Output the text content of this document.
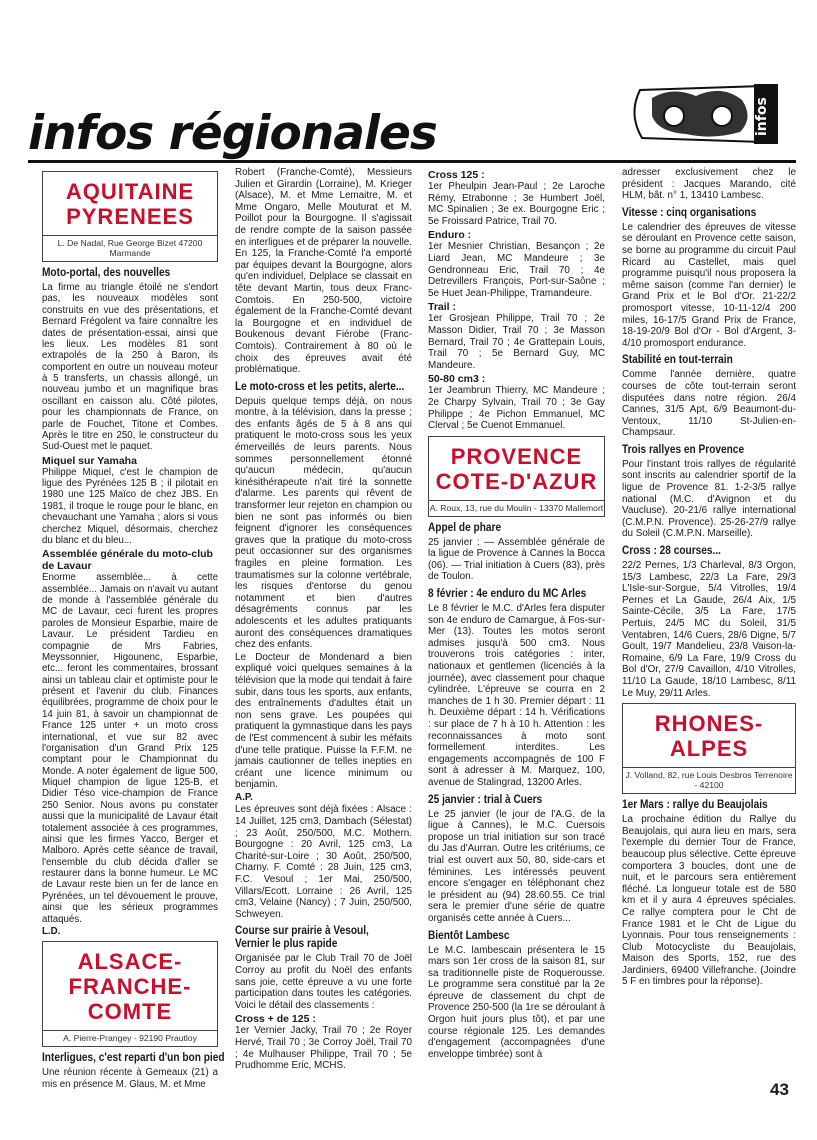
infos
infos régionales
AQUITAINE
PYRENEES
L. De Nadal, Rue George Bizet 47200 Marmande
Moto-portal, des nouvelles

La firme au triangle étoilé ne s'endort pas, les nouveaux modèles sont construits en vue des présentations, et Bernard Frégolent va faire connaître les dates de présentation-essai, ainsi que les lieux. Les modèles 81 sont extrapolés de la 250 à Baron, ils comportent en outre un nouveau moteur à 5 transferts, un chassis allongé, un nouveau jumbo et un magnifique bras oscillant en caisson alu. Côté pilotes, pour les championnats de France, on parle de Fouchet, Titone et Combes. Après le titre en 250, le constructeur du Sud-Ouest met le paquet.

Miquel sur Yamaha

Philippe Miquel, c'est le champion de ligue des Pyrénées 125 B ; il pilotait en 1980 une 125 Maïco de chez JBS. En 1981, il troque le rouge pour le blanc, en chevauchant une Yamaha ; alors si vous cherchez Miquel, désormais, cherchez du blanc et du bleu...

Assemblée générale du moto-club de Lavaur

Enorme assemblée... à cette assemblée... Jamais on n'avait vu autant de monde à l'assemblée générale du MC de Lavaur, ceci furent les propres paroles de Monsieur Esparbie, maire de Lavaur. Le président Tardieu en compagnie de Mrs Fabries, Meyssonnier, Higounenc, Esparbie, etc... feront les commentaires, brossant ainsi un tableau clair et optimiste pour le présent et l'avenir du club. Finances équilibrées, programme de choix pour le 14 juin 81, à savoir un championnat de France 125 unter + un moto cross international, et vue sur 82 avec l'organisation d'un Grand Prix 125 comptant pour le Championnat du Monde. A noter également de ligue 500, Miquel champion de ligue 125-B, et Didier Téso vice-champion de France 250 Senior. Nous avons pu constater aussi que la municipalité de Lavaur était totalement associée à ces programmes, ainsi que les firmes Yacco, Berger et Malboro. Après cette séance de travail, l'ensemble du club décida d'aller se restaurer dans la bonne humeur. Le MC de Lavaur reste bien un fer de lance en Pyrénées, un tel dévouement le prouve, ainsi que les sérieux programmes attaqués.

L.D.

ALSACE-
FRANCHE-
COMTE
A. Pierre-Prangey - 92190 Prautloy
Interligues, c'est reparti d'un bon pied

Une réunion récente à Gemeaux (21) a mis en présence M. Glaus, M. et Mme

Robert (Franche-Comté), Messieurs Julien et Girardin (Lorraine), M. Krieger (Alsace), M. et Mme Lemaitre, M. et Mme Ongaro, Melle Mouturat et M. Poillot pour la Bourgogne. Il s'agissait de rendre compte de la saison passée en interligues et de préparer la nouvelle. En 125, la Franche-Comté l'a emporté par équipes devant la Bourgogne, alors qu'en individuel, Delplace se classait en tête devant Martin, tous deux Franc-Comtois. En 250-500, victoire également de la Franche-Comté devant la Bourgogne et en individuel de Boukenous devant Fiérobe (Franc-Comtois). Contrairement à 80 où le choix des épreuves avait été problématique.

Le moto-cross et les petits, alerte...

Depuis quelque temps déjà, on nous montre, à la télévision, dans la presse ; des enfants âgés de 5 à 8 ans qui pratiquent le moto-cross sous les yeux émerveillés de leurs parents. Nous sommes personnellement étonné qu'aucun médecin, qu'aucun kinésithérapeute n'ait tiré la sonnette d'alarme. Les parents qui rêvent de transformer leur rejeton en champion ou bien ne sont pas informés ou bien feignent d'ignorer les conséquences graves que la pratique du moto-cross peut occasionner sur des organismes fragiles en pleine formation. Les traumatismes sur la colonne vertébrale, les risques d'entorse du genou notamment et bien d'autres désagréments connus par les adolescents et les adultes pratiquants auront des conséquences dramatiques chez des enfants.

Le Docteur de Mondenard a bien expliqué voici quelques semaines à la télévision que la mode qui tendait à faire subir, dans tous les sports, aux enfants, des entraînements d'adultes était un non sens grave. Les poupées qui pratiquent la gymnastique dans les pays de l'Est commencent à subir les méfaits d'une telle pratique. Puisse la F.F.M. ne jamais cautionner de telles inepties en créant une licence minimum ou benjamin.

A.P.

Les épreuves sont déjà fixées : Alsace : 14 Juillet, 125 cm3, Dambach (Sélestat) ; 23 Août, 250/500, M.C. Mothern. Bourgogne : 20 Avril, 125 cm3, La Charité-sur-Loire ; 30 Août, 250/500, Charny. F. Comté : 28 Juin, 125 cm3, F.C. Vesoul ; 1er Mai, 250/500, Villars/Ecott. Lorraine : 26 Avril, 125 cm3, Velaine (Nancy) ; 7 Juin, 250/500, Schweyen.

Course sur prairie à Vesoul, Vernier le plus rapide

Organisée par le Club Trail 70 de Joël Corroy au profit du Noël des enfants sans joie, cette épreuve a vu une forte participation dans toutes les catégories. Voici le détail des classements :

Cross + de 125 :

1er Vernier Jacky, Trail 70 ; 2e Royer Hervé, Trail 70 ; 3e Corroy Joël, Trail 70 ; 4e Mulhauser Philippe, Trail 70 ; 5e Prudhomme Eric, MCHS.

Cross 125 :

1er Pheulpin Jean-Paul ; 2e Laroche Rémy, Etrabonne ; 3e Humbert Joël, MC Spinalien ; 3e ex. Bourgogne Eric ; 5e Froissard Patrice, Trail 70.

Enduro :

1er Mesnier Christian, Besançon ; 2e Liard Jean, MC Mandeure ; 3e Gendronneau Eric, Trail 70 ; 4e Detrevillers François, Port-sur-Saône ; 5e Huet Jean-Philippe, Tramandeure.

Trail :

1er Grosjean Philippe, Trail 70 ; 2e Masson Didier, Trail 70 ; 3e Masson Bernard, Trail 70 ; 4e Grattepain Louis, Trail 70 ; 5e Bernard Guy, MC Mandeure.

50-80 cm3 :

1er Jeambrun Thierry, MC Mandeure ; 2e Charpy Sylvain, Trail 70 ; 3e Gay Philippe ; 4e Pichon Emmanuel, MC Clerval ; 5e Cuenot Emmanuel.

PROVENCE
COTE-D'AZUR
A. Roux, 13, rue du Moulin - 13370 Mallemort
Appel de phare

25 janvier : — Assemblée générale de la ligue de Provence à Cannes la Bocca (06). — Trial initiation à Cuers (83), près de Toulon.

8 février : 4e enduro du MC Arles

Le 8 février le M.C. d'Arles fera disputer son 4e enduro de Camargue, à Fos-sur-Mer (13). Toutes les motos seront admises jusqu'à 500 cm3. Nous trouverons trois catégories : inter, nationaux et gentlemen (licenciés à la journée), avec classement pour chaque cylindrée. L'épreuve se courra en 2 manches de 1 h 30. Premier départ : 11 h. Deuxième départ : 14 h. Vérifications : sur place de 7 h à 10 h. Attention : les reconnaissances à moto sont formellement interdites. Les engagements accompagnés de 100 F sont à adresser à M. Marquez, 100, avenue de Stalingrad, 13200 Arles.

25 janvier : trial à Cuers

Le 25 janvier (le jour de l'A.G. de la ligue à Cannes), le M.C. Cuersois propose un trial initiation sur son tracé du Jas d'Aurran. Outre les critériums, ce trial est ouvert aux 50, 80, side-cars et féminines. Les intéressés peuvent encore s'engager en téléphonant chez le président au (94) 28.60.55. Ce trial sera le premier d'une série de quatre organisés cette année à Cuers...

Bientôt Lambesc

Le M.C. lambescain présentera le 15 mars son 1er cross de la saison 81, sur sa traditionnelle piste de Roquerousse. Le programme sera constitué par la 2e épreuve de classement du chpt de Provence 250-500 (la 1re se déroulant à Orgon huit jours plus tôt), et par une course régionale 125. Les demandes d'engagement (accompagnées d'une enveloppe timbrée) sont à

adresser exclusivement chez le président : Jacques Marando, cité HLM, bât. n° 1, 13410 Lambesc.

Vitesse : cinq organisations

Le calendrier des épreuves de vitesse se déroulant en Provence cette saison, se borne au programme du circuit Paul Ricard au Castellet, mais quel programme puisqu'il nous proposera la même saison (comme l'an dernier) le Grand Prix et le Bol d'Or. 21-22/2 promosport vitesse, 10-11-12/4 200 miles, 16-17/5 Grand Prix de France, 18-19-20/9 Bol d'Or - Bol d'Argent, 3-4/10 promosport endurance.

Stabilité en tout-terrain

Comme l'année dernière, quatre courses de côte tout-terrain seront disputées dans notre région. 26/4 Cannes, 31/5 Apt, 6/9 Beaumont-du-Ventoux, 11/10 St-Julien-en-Champsaur.

Trois rallyes en Provence

Pour l'instant trois rallyes de régularité sont inscrits au calendrier sportif de la ligue de Provence 81. 1-2-3/5 rallye national (M.C. d'Avignon et du Vaucluse). 20-21/6 rallye international (C.M.P.N. Provence). 25-26-27/9 rallye du Soleil (C.M.P.N. Marseille).

Cross : 28 courses...

22/2 Pernes, 1/3 Charleval, 8/3 Orgon, 15/3 Lambesc, 22/3 La Fare, 29/3 L'Isle-sur-Sorgue, 5/4 Vitrolles, 19/4 Pernes et La Gaude, 26/4 Aix, 1/5 Sainte-Cécile, 3/5 La Fare, 17/5 Pertuis, 24/5 MC du Soleil, 31/5 Ventabren, 14/6 Cuers, 28/6 Digne, 5/7 Goult, 19/7 Mandelieu, 23/8 Vaison-la-Romaine, 6/9 La Fare, 19/9 Cross du Bol d'Or, 27/9 Cavaillon, 4/10 Vitrolles, 11/10 La Gaude, 18/10 Lambesc, 8/11 Le Muy, 29/11 Arles.

RHONES-
ALPES
J. Volland, 82, rue Louis Desbros Terrenoire - 42100
1er Mars : rallye du Beaujolais

La prochaine édition du Rallye du Beaujolais, qui aura lieu en mars, sera l'exemple du dernier Tour de France, beaucoup plus sélective. Cette épreuve comportera 3 boucles, dont une de nuit, et le parcours sera entièrement fléché. La longueur totale est de 580 km et il y aura 4 épreuves spéciales. Ce rallye comptera pour le Cht de France 1981 et le Cht de Ligue du Lyonnais. Pour tous renseignements : Club Motocycliste du Beaujolais, Maison des Sports, 152, rue des Jardiniers, 69400 Villefranche. (Joindre 5 F en timbres pour la réponse).

43
